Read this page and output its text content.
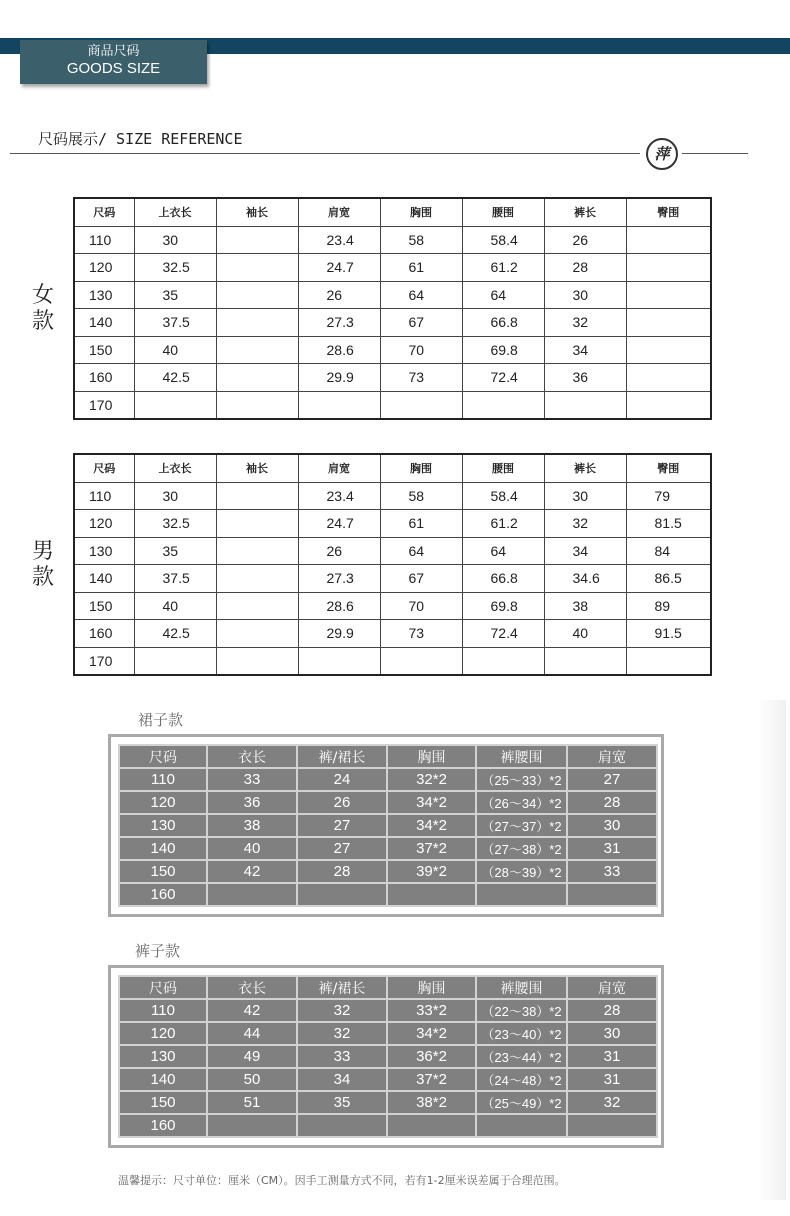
商品尺码
GOODS SIZE
尺码展示/ SIZE REFERENCE
萍
女
款
尺码	上衣长	袖长	肩宽	胸围	腰围	裤长	臀围
110	30		23.4	58	58.4	26	
120	32.5		24.7	61	61.2	28	
130	35		26	64	64	30	
140	37.5		27.3	67	66.8	32	
150	40		28.6	70	69.8	34	
160	42.5		29.9	73	72.4	36	
170							
男
款
尺码	上衣长	袖长	肩宽	胸围	腰围	裤长	臀围
110	30		23.4	58	58.4	30	79
120	32.5		24.7	61	61.2	32	81.5
130	35		26	64	64	34	84
140	37.5		27.3	67	66.8	34.6	86.5
150	40		28.6	70	69.8	38	89
160	42.5		29.9	73	72.4	40	91.5
170							
裙子款
尺码	衣长	裤/裙长	胸围	裤腰围	肩宽
110	33	24	32*2	（25～33）*2	27
120	36	26	34*2	（26～34）*2	28
130	38	27	34*2	（27～37）*2	30
140	40	27	37*2	（27～38）*2	31
150	42	28	39*2	（28～39）*2	33
160					
裤子款
尺码	衣长	裤/裙长	胸围	裤腰围	肩宽
110	42	32	33*2	（22～38）*2	28
120	44	32	34*2	（23～40）*2	30
130	49	33	36*2	（23～44）*2	31
140	50	34	37*2	（24～48）*2	31
150	51	35	38*2	（25～49）*2	32
160					
温馨提示：尺寸单位：厘米（CM）。因手工测量方式不同，若有1-2厘米误差属于合理范围。
